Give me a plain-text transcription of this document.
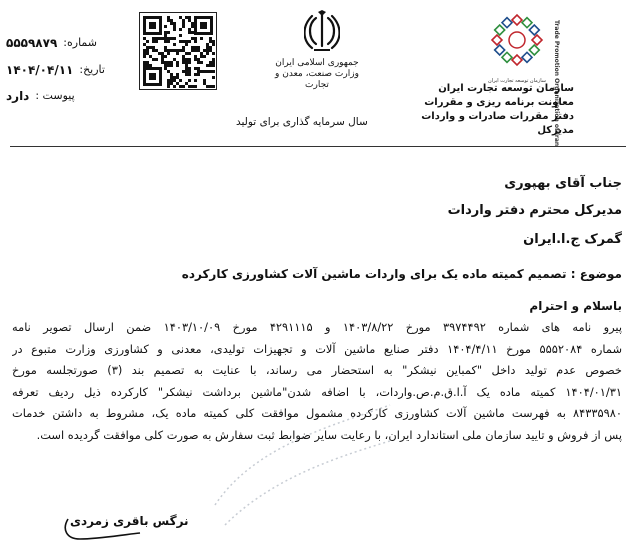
شماره:
۵۵۵۹۸۷۹
تاریخ:
۱۴۰۴/۰۴/۱۱
پیوست :
دارد
جمهوری اسلامی ایران
وزارت صنعت، معدن و تجارت
سال سرمایه گذاری برای تولید
سازمان توسعه تجارت ایران Trade Promotion Organization of Iran
سازمان توسعه تجارت ایران
معاونت برنامه ریزی و مقررات
دفتر مقررات صادرات و واردات
مدیرکل
جناب آقای بهپوری
مدیرکل محترم دفتر واردات
گمرک ج.ا.ایران
موضوع : تصمیم کمیته ماده یک برای واردات ماشین آلات کشاورزی کارکرده
باسلام و احترام
پیرو نامه های شماره ۳۹۷۴۴۹۲ مورخ ۱۴۰۳/۸/۲۲ و ۴۲۹۱۱۱۵ مورخ ۱۴۰۳/۱۰/۰۹ ضمن ارسال تصویر نامه
شماره ۵۵۵۲۰۸۴ مورخ ۱۴۰۴/۴/۱۱ دفتر صنایع ماشین آلات و تجهیزات تولیدی، معدنی و کشاورزی وزارت متبوع در
خصوص عدم تولید داخل "کمباین نیشکر" به استحضار می رساند، با عنایت به تصمیم بند (۳) صورتجلسه مورخ
۱۴۰۴/۰۱/۳۱ کمیته ماده یک آ.ا.ق.م.ص.واردات، با اضافه شدن"ماشین برداشت نیشکر" کارکرده ذیل ردیف تعرفه
۸۴۳۳۵۹۸۰ به فهرست ماشین آلات کشاورزی کارکرده مشمول موافقت کلی کمیته ماده یک، مشروط به داشتن خدمات
پس از فروش و تایید سازمان ملی استاندارد ایران، با رعایت سایر ضوابط ثبت سفارش به صورت کلی موافقت گردیده است.
نرگس باقری زمردی
